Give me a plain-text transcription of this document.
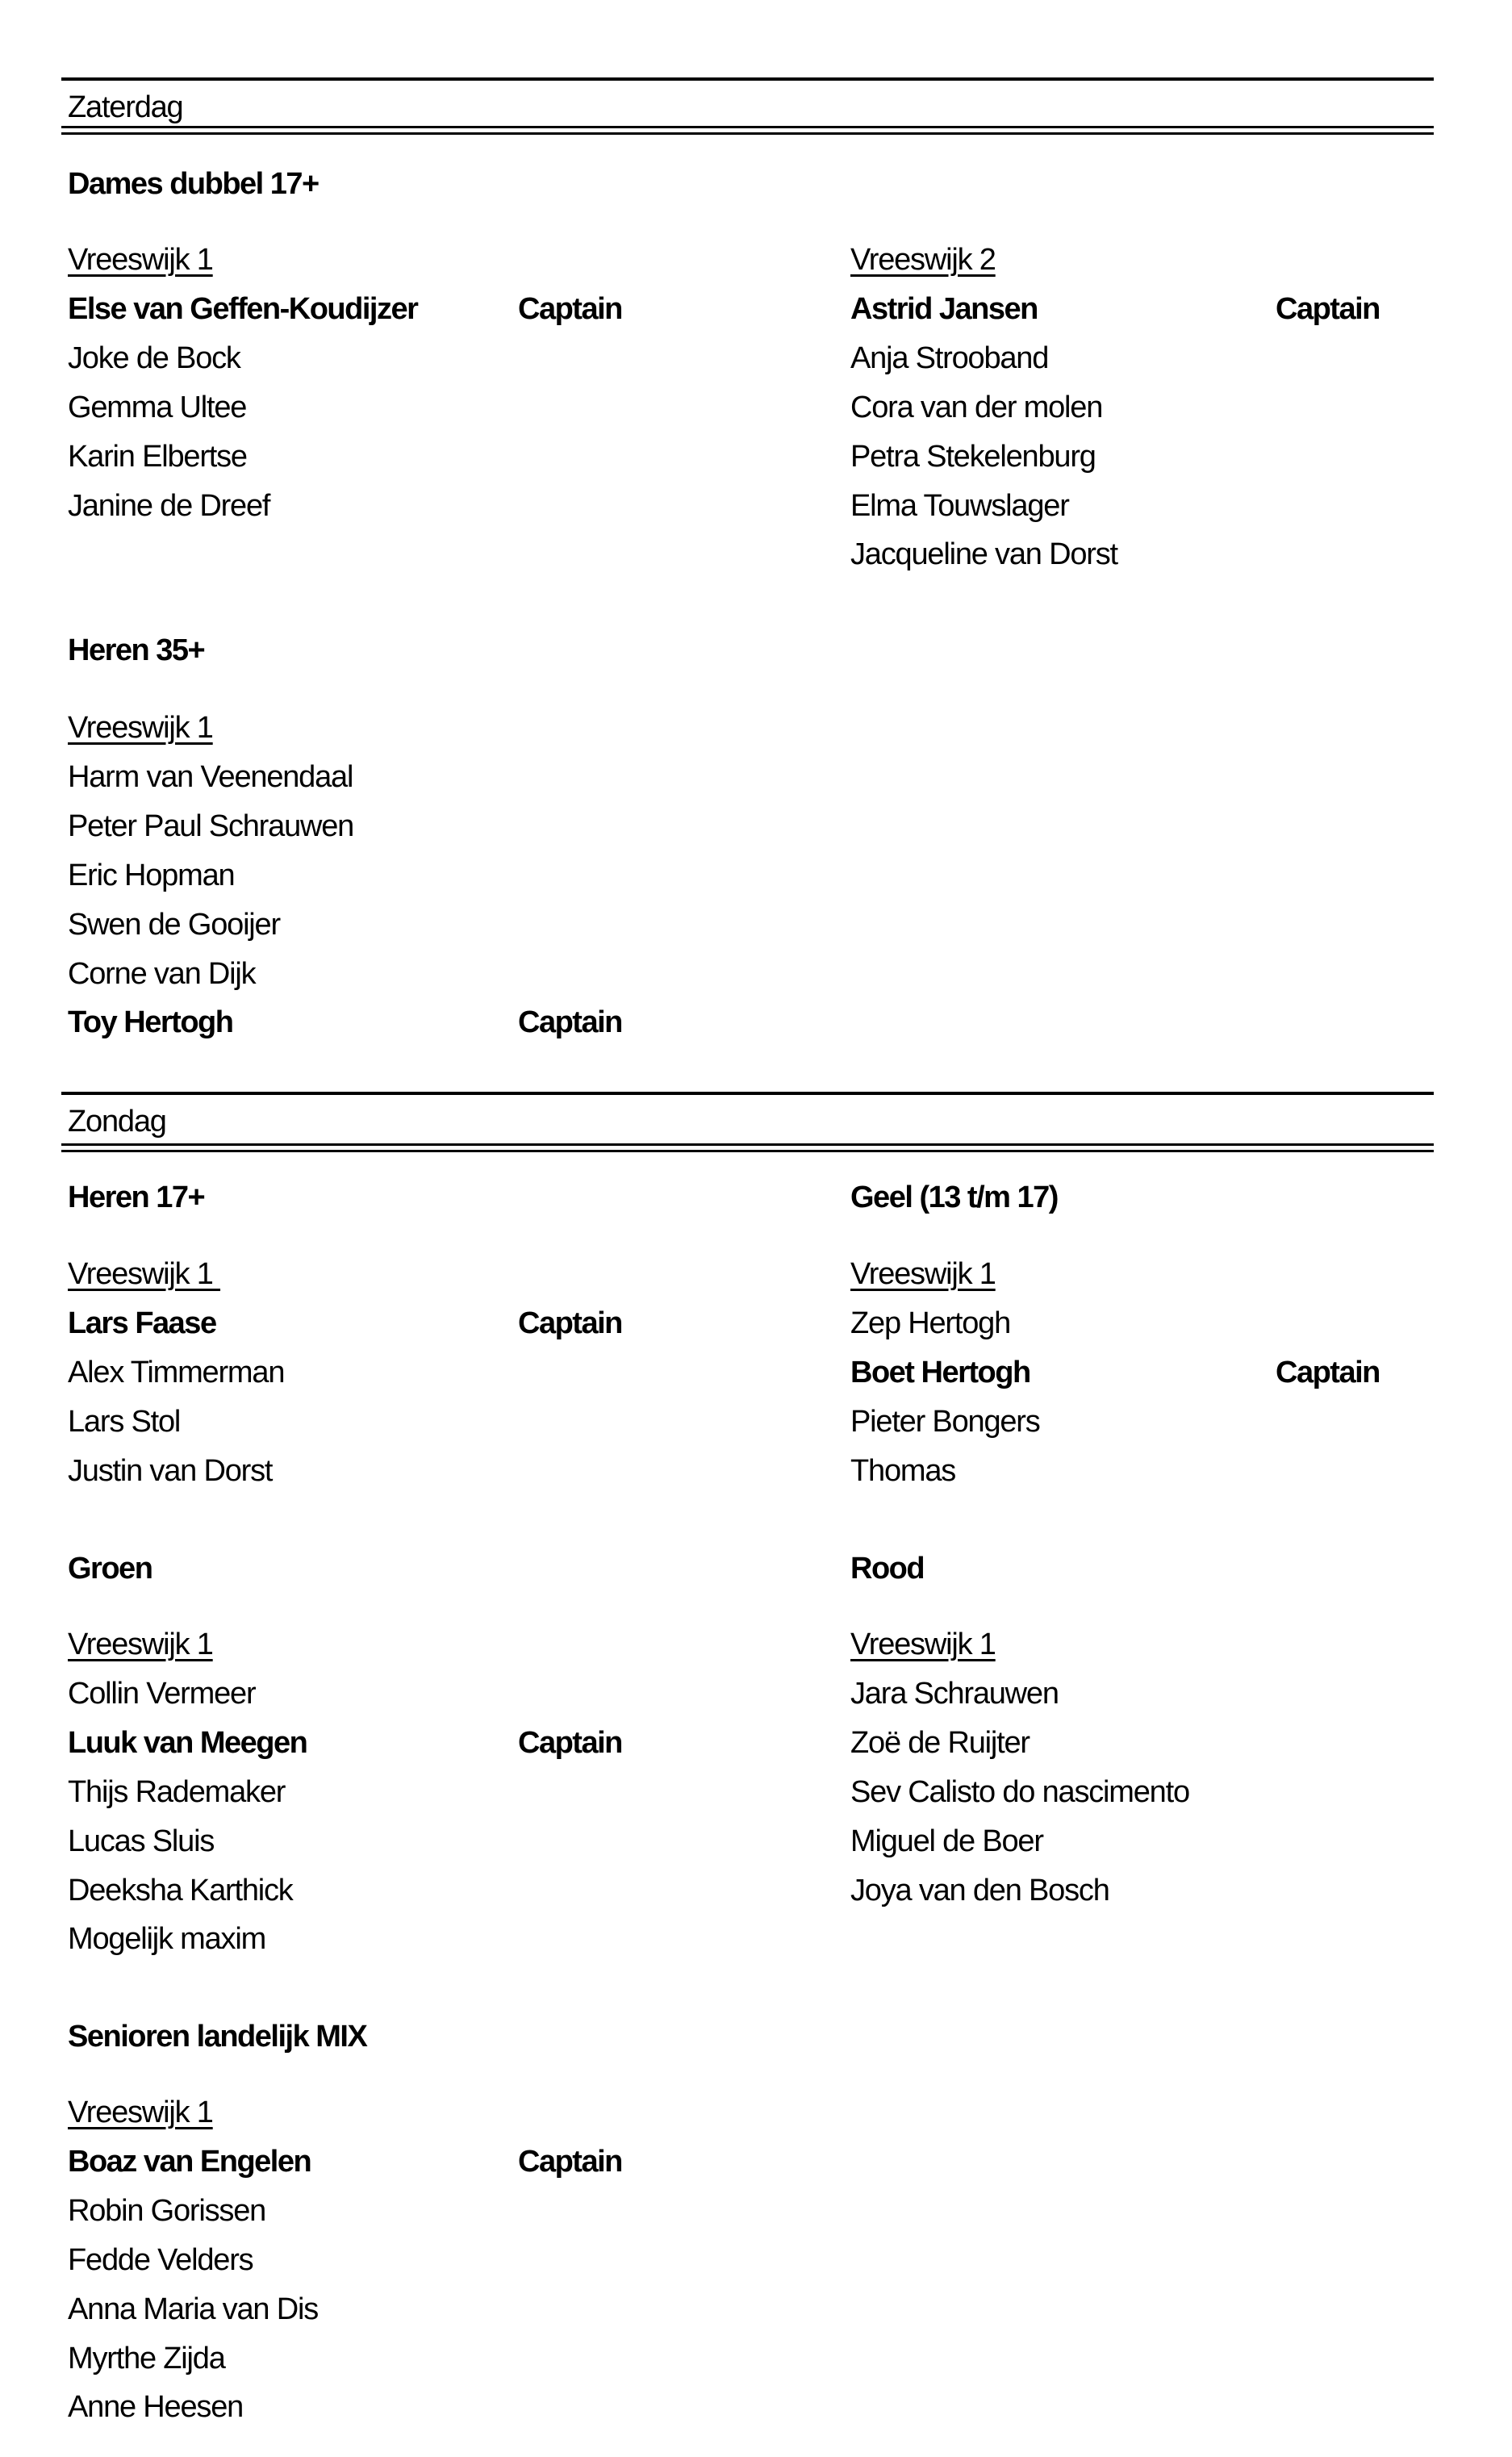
Zaterdag
Zondag
Dames dubbel 17+
Vreeswijk 1
Else van Geffen-Koudijzer	Captain
Joke de Bock
Gemma Ultee
Karin Elbertse
Janine de Dreef
Vreeswijk 2
Astrid Jansen	Captain
Anja Strooband
Cora van der molen
Petra Stekelenburg
Elma Touwslager
Jacqueline van Dorst
Heren 35+
Vreeswijk 1
Harm van Veenendaal
Peter Paul Schrauwen
Eric Hopman
Swen de Gooijer
Corne van Dijk
Toy Hertogh	Captain
Heren 17+
Vreeswijk 1
Lars Faase	Captain
Alex Timmerman
Lars Stol
Justin van Dorst
Geel (13 t/m 17)
Vreeswijk 1
Zep Hertogh
Boet Hertogh	Captain
Pieter Bongers
Thomas
Groen
Vreeswijk 1
Collin Vermeer
Luuk van Meegen	Captain
Thijs Rademaker
Lucas Sluis
Deeksha Karthick
Mogelijk maxim
Rood
Vreeswijk 1
Jara Schrauwen
Zoë de Ruijter
Sev Calisto do nascimento
Miguel de Boer
Joya van den Bosch
Senioren landelijk MIX
Vreeswijk 1
Boaz van Engelen	Captain
Robin Gorissen
Fedde Velders
Anna Maria van Dis
Myrthe Zijda
Anne Heesen
